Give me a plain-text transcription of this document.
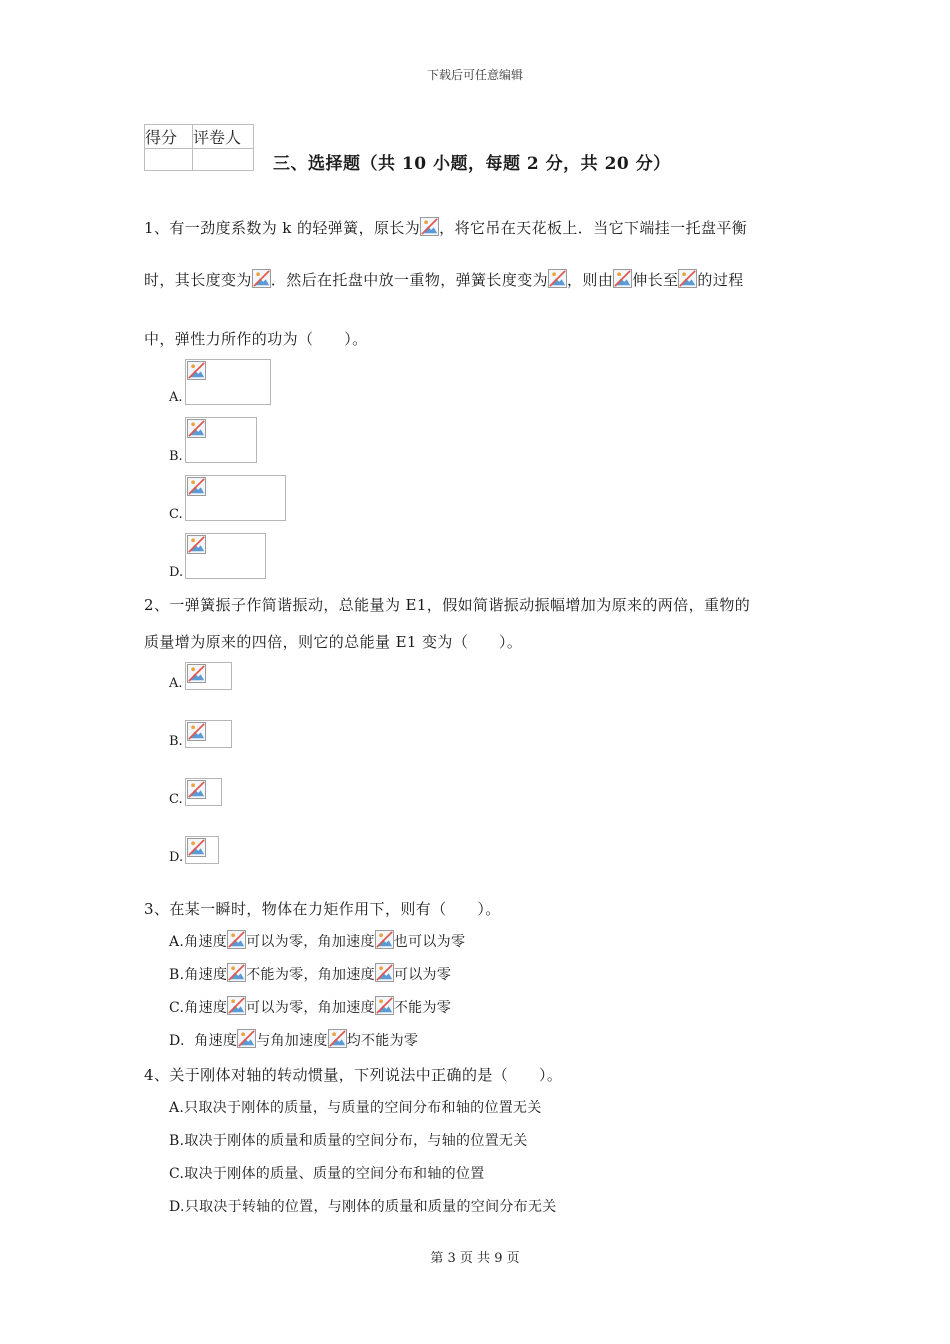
下载后可任意编辑
得分	评卷人

三、选择题（共 10 小题，每题 2 分，共 20 分）
1、有一劲度系数为 k 的轻弹簧，原长为 ，将它吊在天花板上．当它下端挂一托盘平衡
时，其长度变为 ．然后在托盘中放一重物，弹簧长度变为 ，则由 伸长至 的过程
中，弹性力所作的功为（　　）。
A.
B.
C.
D.
2、一弹簧振子作简谐振动，总能量为 E1，假如简谐振动振幅增加为原来的两倍，重物的
质量增为原来的四倍，则它的总能量 E1 变为（　　）。
A.
B.
C.
D.
3、在某一瞬时，物体在力矩作用下，则有（　　）。
A.角速度 可以为零，角加速度 也可以为零
B.角速度 不能为零，角加速度 可以为零
C.角速度 可以为零，角加速度 不能为零
D.  角速度 与角加速度 均不能为零
4、关于刚体对轴的转动惯量，下列说法中正确的是（　　）。
A.只取决于刚体的质量，与质量的空间分布和轴的位置无关
B.取决于刚体的质量和质量的空间分布，与轴的位置无关
C.取决于刚体的质量、质量的空间分布和轴的位置
D.只取决于转轴的位置，与刚体的质量和质量的空间分布无关
第 3 页 共 9 页
